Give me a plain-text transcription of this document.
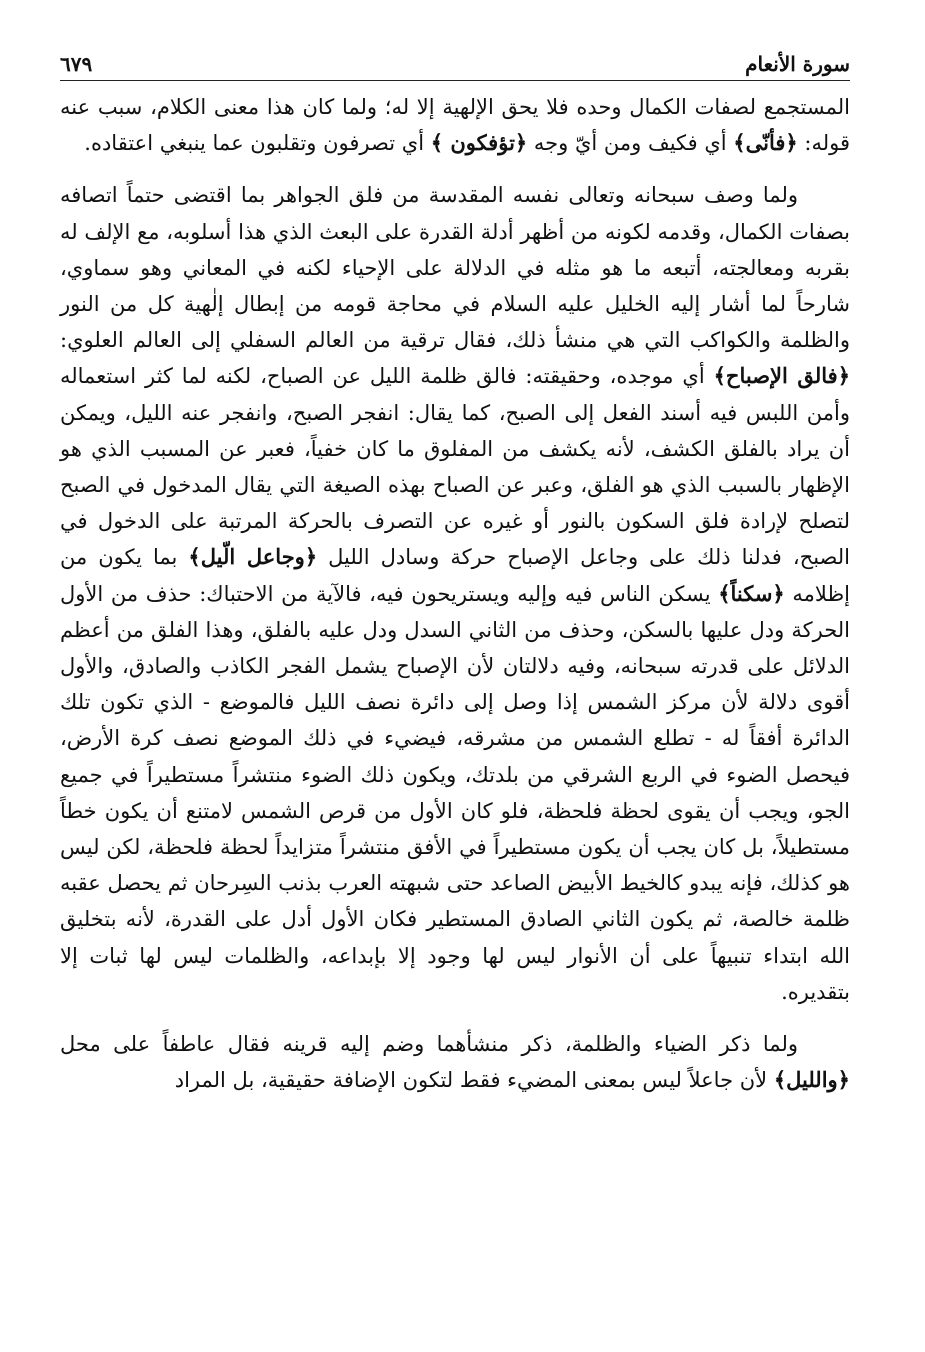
سورة الأنعام
٦٧٩

المستجمع لصفات الكمال وحده فلا يحق الإلهية إلا له؛ ولما كان هذا معنى الكلام، سبب عنه قوله: ﴿فأنّى﴾ أي فكيف ومن أيّ وجه ﴿تؤفكون ﴾ أي تصرفون وتقلبون عما ينبغي اعتقاده.

ولما وصف سبحانه وتعالى نفسه المقدسة من فلق الجواهر بما اقتضى حتماً اتصافه بصفات الكمال، وقدمه لكونه من أظهر أدلة القدرة على البعث الذي هذا أسلوبه، مع الإلف له بقربه ومعالجته، أتبعه ما هو مثله في الدلالة على الإحياء لكنه في المعاني وهو سماوي، شارحاً لما أشار إليه الخليل عليه السلام في محاجة قومه من إبطال إلٰهية كل من النور والظلمة والكواكب التي هي منشأ ذلك، فقال ترقية من العالم السفلي إلى العالم العلوي: ﴿فالق الإصباح﴾ أي موجده، وحقيقته: فالق ظلمة الليل عن الصباح، لكنه لما كثر استعماله وأمن اللبس فيه أسند الفعل إلى الصبح، كما يقال: انفجر الصبح، وانفجر عنه الليل، ويمكن أن يراد بالفلق الكشف، لأنه يكشف من المفلوق ما كان خفياً، فعبر عن المسبب الذي هو الإظهار بالسبب الذي هو الفلق، وعبر عن الصباح بهذه الصيغة التي يقال المدخول في الصبح لتصلح لإرادة فلق السكون بالنور أو غيره عن التصرف بالحركة المرتبة على الدخول في الصبح، فدلنا ذلك على وجاعل الإصباح حركة وسادل الليل ﴿وجاعل الّيل﴾ بما يكون من إظلامه ﴿سكناً﴾ يسكن الناس فيه وإليه ويستريحون فيه، فالآية من الاحتباك: حذف من الأول الحركة ودل عليها بالسكن، وحذف من الثاني السدل ودل عليه بالفلق، وهذا الفلق من أعظم الدلائل على قدرته سبحانه، وفيه دلالتان لأن الإصباح يشمل الفجر الكاذب والصادق، والأول أقوى دلالة لأن مركز الشمس إذا وصل إلى دائرة نصف الليل فالموضع - الذي تكون تلك الدائرة أفقاً له - تطلع الشمس من مشرقه، فيضيء في ذلك الموضع نصف كرة الأرض، فيحصل الضوء في الربع الشرقي من بلدتك، ويكون ذلك الضوء منتشراً مستطيراً في جميع الجو، ويجب أن يقوى لحظة فلحظة، فلو كان الأول من قرص الشمس لامتنع أن يكون خطاً مستطيلاً، بل كان يجب أن يكون مستطيراً في الأفق منتشراً متزايداً لحظة فلحظة، لكن ليس هو كذلك، فإنه يبدو كالخيط الأبيض الصاعد حتى شبهته العرب بذنب السِرحان ثم يحصل عقبه ظلمة خالصة، ثم يكون الثاني الصادق المستطير فكان الأول أدل على القدرة، لأنه بتخليق الله ابتداء تنبيهاً على أن الأنوار ليس لها وجود إلا بإبداعه، والظلمات ليس لها ثبات إلا بتقديره.

ولما ذكر الضياء والظلمة، ذكر منشأهما وضم إليه قرينه فقال عاطفاً على محل ﴿والليل﴾ لأن جاعلاً ليس بمعنى المضيء فقط لتكون الإضافة حقيقية، بل المراد
